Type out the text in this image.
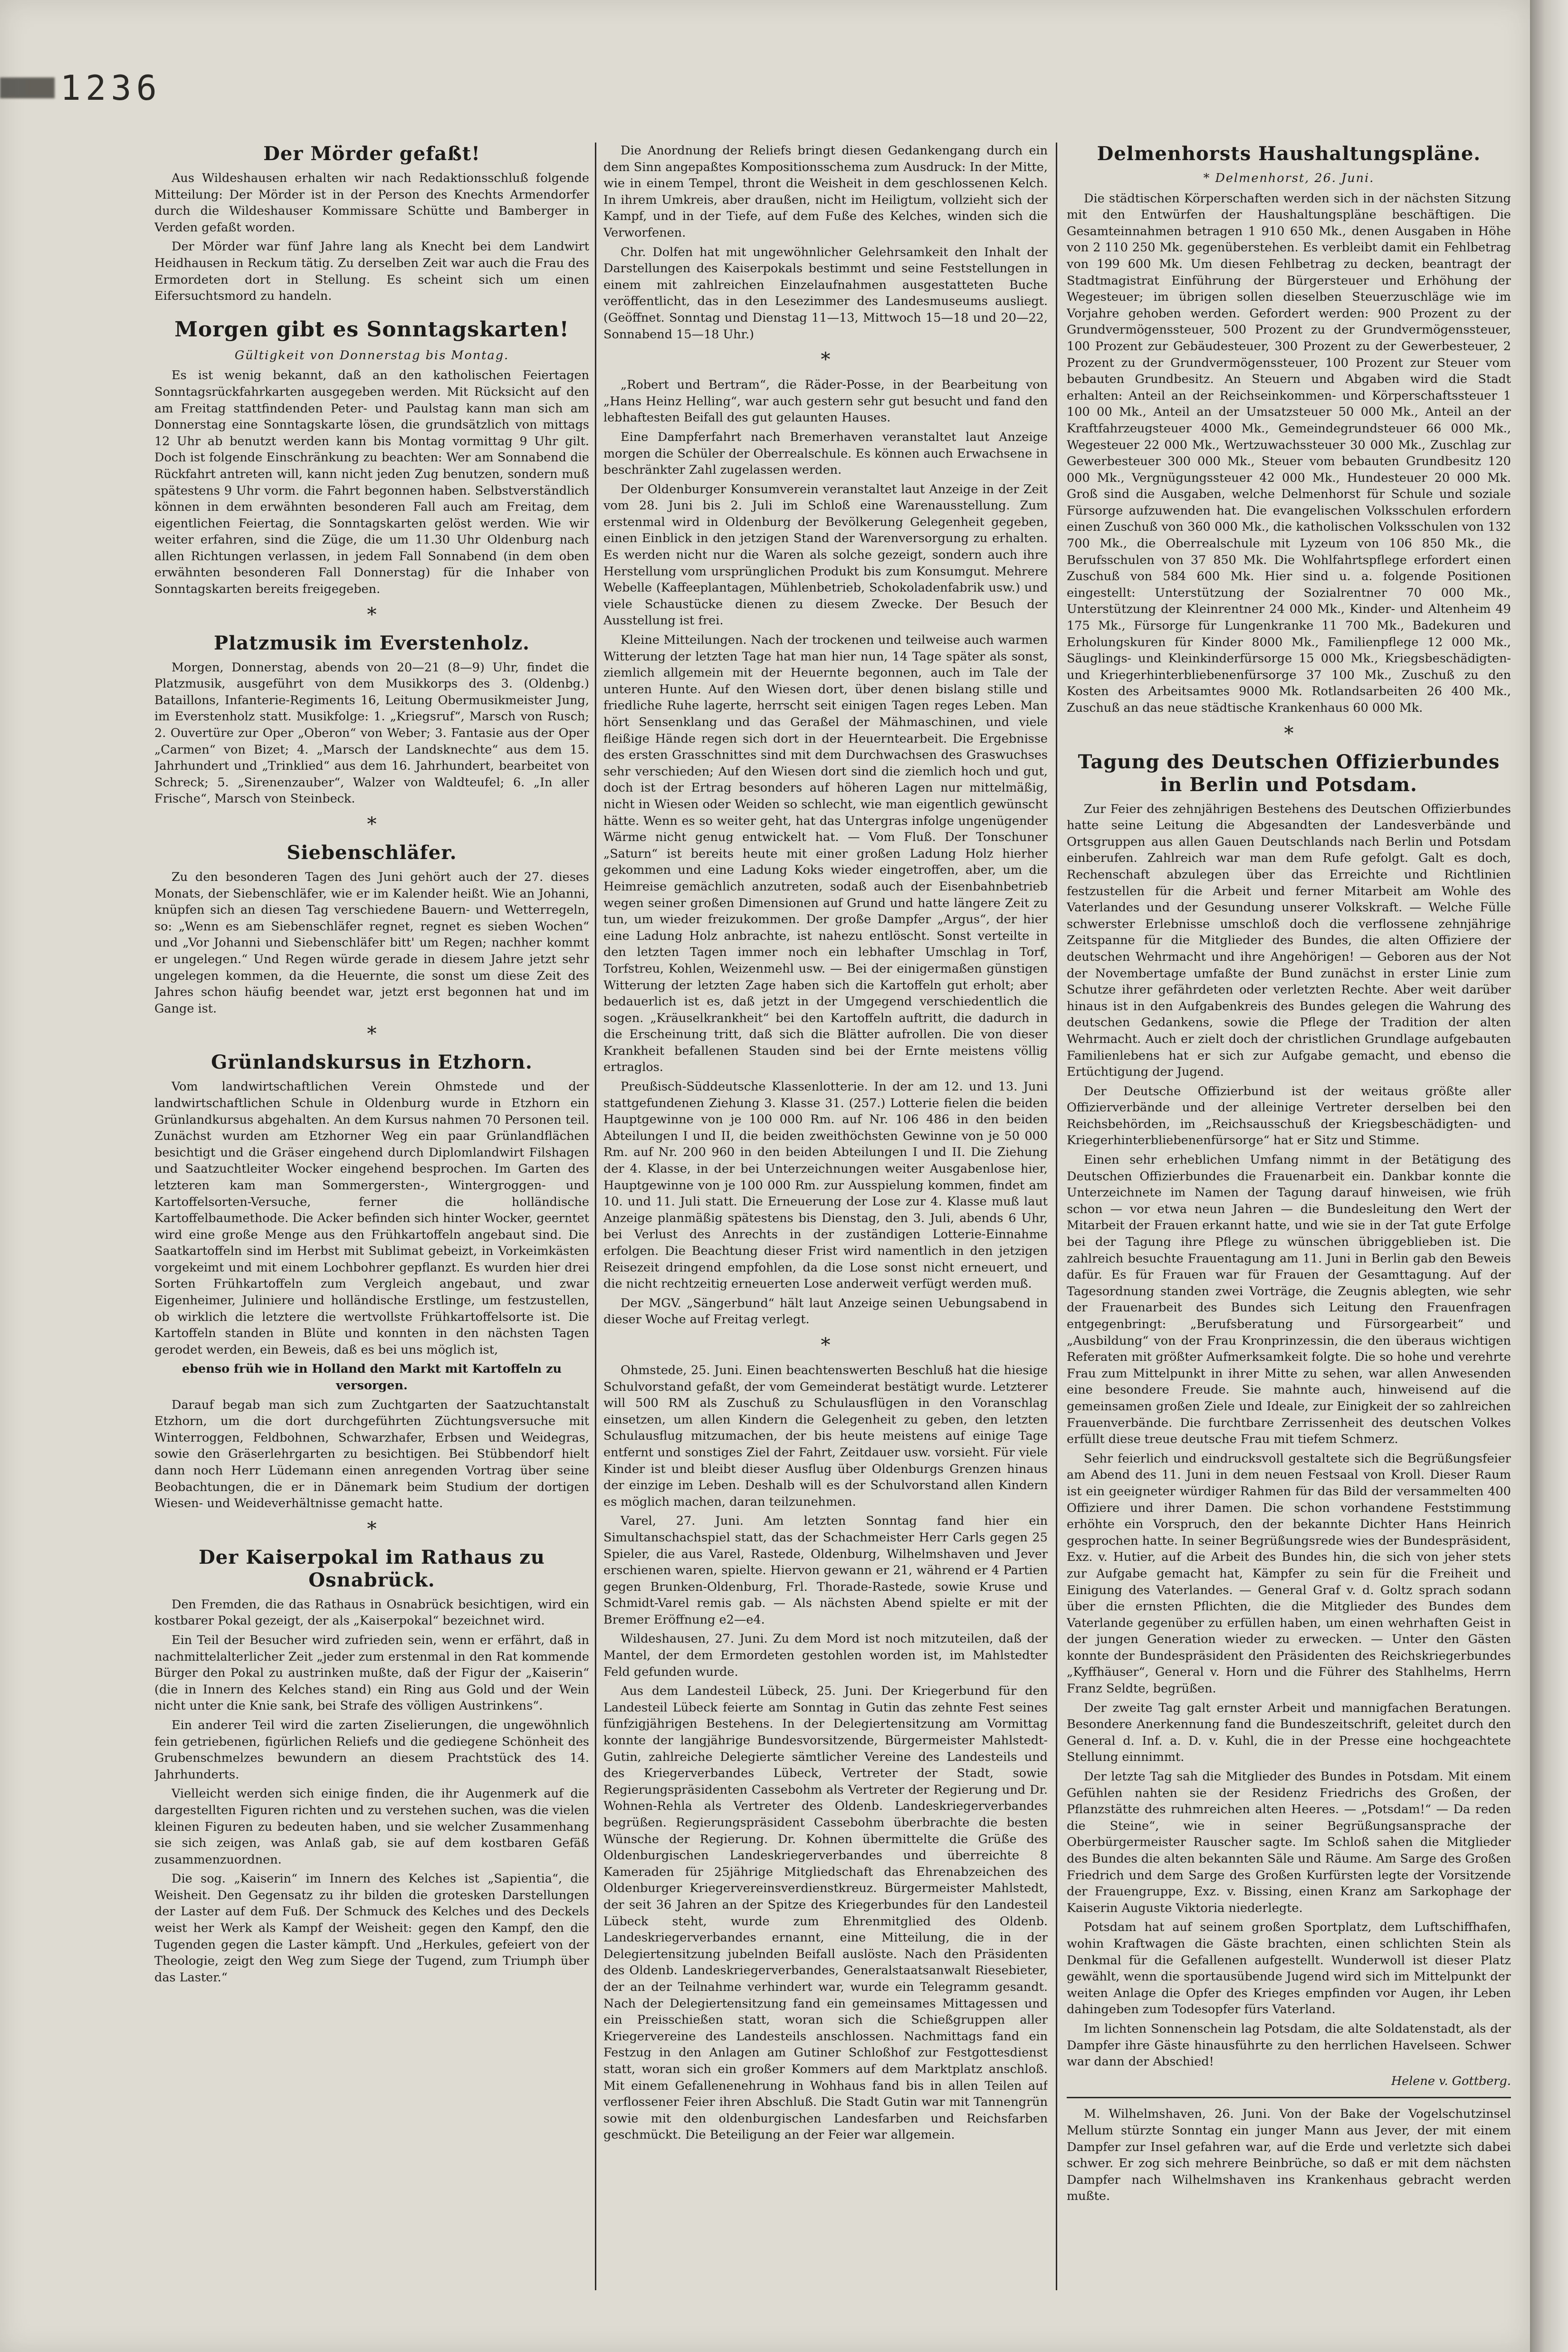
1236
Der Mörder gefaßt!

Aus Wildeshausen erhalten wir nach Redaktionsschluß folgende Mitteilung: Der Mörder ist in der Person des Knechts Armendorfer durch die Wildeshauser Kommissare Schütte und Bamberger in Verden gefaßt worden.

Der Mörder war fünf Jahre lang als Knecht bei dem Landwirt Heidhausen in Reckum tätig. Zu derselben Zeit war auch die Frau des Ermordeten dort in Stellung. Es scheint sich um einen Eifersuchtsmord zu handeln.

Morgen gibt es Sonntagskarten!
Gültigkeit von Donnerstag bis Montag.

Es ist wenig bekannt, daß an den katholischen Feiertagen Sonntagsrückfahrkarten ausgegeben werden. Mit Rücksicht auf den am Freitag stattfindenden Peter- und Paulstag kann man sich am Donnerstag eine Sonntagskarte lösen, die grundsätzlich von mittags 12 Uhr ab benutzt werden kann bis Montag vormittag 9 Uhr gilt. Doch ist folgende Einschränkung zu beachten: Wer am Sonnabend die Rückfahrt antreten will, kann nicht jeden Zug benutzen, sondern muß spätestens 9 Uhr vorm. die Fahrt begonnen haben. Selbstverständlich können in dem erwähnten besonderen Fall auch am Freitag, dem eigentlichen Feiertag, die Sonntagskarten gelöst werden. Wie wir weiter erfahren, sind die Züge, die um 11.30 Uhr Oldenburg nach allen Richtungen verlassen, in jedem Fall Sonnabend (in dem oben erwähnten besonderen Fall Donnerstag) für die Inhaber von Sonntagskarten bereits freigegeben.

*
Platzmusik im Everstenholz.

Morgen, Donnerstag, abends von 20—21 (8—9) Uhr, findet die Platzmusik, ausgeführt von dem Musikkorps des 3. (Oldenbg.) Bataillons, Infanterie-Regiments 16, Leitung Obermusikmeister Jung, im Everstenholz statt. Musikfolge: 1. „Kriegsruf“, Marsch von Rusch; 2. Ouvertüre zur Oper „Oberon“ von Weber; 3. Fantasie aus der Oper „Carmen“ von Bizet; 4. „Marsch der Landsknechte“ aus dem 15. Jahrhundert und „Trinklied“ aus dem 16. Jahrhundert, bearbeitet von Schreck; 5. „Sirenenzauber“, Walzer von Waldteufel; 6. „In aller Frische“, Marsch von Steinbeck.

*
Siebenschläfer.

Zu den besonderen Tagen des Juni gehört auch der 27. dieses Monats, der Siebenschläfer, wie er im Kalender heißt. Wie an Johanni, knüpfen sich an diesen Tag verschiedene Bauern- und Wetterregeln, so: „Wenn es am Siebenschläfer regnet, regnet es sieben Wochen“ und „Vor Johanni und Siebenschläfer bitt' um Regen; nachher kommt er ungelegen.“ Und Regen würde gerade in diesem Jahre jetzt sehr ungelegen kommen, da die Heuernte, die sonst um diese Zeit des Jahres schon häufig beendet war, jetzt erst begonnen hat und im Gange ist.

*
Grünlandskursus in Etzhorn.

Vom landwirtschaftlichen Verein Ohmstede und der landwirtschaftlichen Schule in Oldenburg wurde in Etzhorn ein Grünlandkursus abgehalten. An dem Kursus nahmen 70 Personen teil. Zunächst wurden am Etzhorner Weg ein paar Grünlandflächen besichtigt und die Gräser eingehend durch Diplomlandwirt Filshagen und Saatzuchtleiter Wocker eingehend besprochen. Im Garten des letzteren kam man Sommergersten-, Wintergroggen- und Kartoffelsorten-Versuche, ferner die holländische Kartoffelbaumethode. Die Acker befinden sich hinter Wocker, geerntet wird eine große Menge aus den Frühkartoffeln angebaut sind. Die Saatkartoffeln sind im Herbst mit Sublimat gebeizt, in Vorkeimkästen vorgekeimt und mit einem Lochbohrer gepflanzt. Es wurden hier drei Sorten Frühkartoffeln zum Vergleich angebaut, und zwar Eigenheimer, Juliniere und holländische Erstlinge, um festzustellen, ob wirklich die letztere die wertvollste Frühkartoffelsorte ist. Die Kartoffeln standen in Blüte und konnten in den nächsten Tagen gerodet werden, ein Beweis, daß es bei uns möglich ist,

ebenso früh wie in Holland den Markt mit Kartoffeln zu versorgen.

Darauf begab man sich zum Zuchtgarten der Saatzuchtanstalt Etzhorn, um die dort durchgeführten Züchtungsversuche mit Winterroggen, Feldbohnen, Schwarzhafer, Erbsen und Weidegras, sowie den Gräserlehrgarten zu besichtigen. Bei Stübbendorf hielt dann noch Herr Lüdemann einen anregenden Vortrag über seine Beobachtungen, die er in Dänemark beim Studium der dortigen Wiesen- und Weideverhältnisse gemacht hatte.

*
Der Kaiserpokal im Rathaus zu Osnabrück.

Den Fremden, die das Rathaus in Osnabrück besichtigen, wird ein kostbarer Pokal gezeigt, der als „Kaiserpokal“ bezeichnet wird.

Ein Teil der Besucher wird zufrieden sein, wenn er erfährt, daß in nachmittelalterlicher Zeit „jeder zum erstenmal in den Rat kommende Bürger den Pokal zu austrinken mußte, daß der Figur der „Kaiserin“ (die in Innern des Kelches stand) ein Ring aus Gold und der Wein nicht unter die Knie sank, bei Strafe des völligen Austrinkens“.

Ein anderer Teil wird die zarten Ziselierungen, die ungewöhnlich fein getriebenen, figürlichen Reliefs und die gediegene Schönheit des Grubenschmelzes bewundern an diesem Prachtstück des 14. Jahrhunderts.

Vielleicht werden sich einige finden, die ihr Augenmerk auf die dargestellten Figuren richten und zu verstehen suchen, was die vielen kleinen Figuren zu bedeuten haben, und sie welcher Zusammenhang sie sich zeigen, was Anlaß gab, sie auf dem kostbaren Gefäß zusammenzuordnen.

Die sog. „Kaiserin“ im Innern des Kelches ist „Sapientia“, die Weisheit. Den Gegensatz zu ihr bilden die grotesken Darstellungen der Laster auf dem Fuß. Der Schmuck des Kelches und des Deckels weist her Werk als Kampf der Weisheit: gegen den Kampf, den die Tugenden gegen die Laster kämpft. Und „Herkules, gefeiert von der Theologie, zeigt den Weg zum Siege der Tugend, zum Triumph über das Laster.“

Die Anordnung der Reliefs bringt diesen Gedankengang durch ein dem Sinn angepaßtes Kompositionsschema zum Ausdruck: In der Mitte, wie in einem Tempel, thront die Weisheit in dem geschlossenen Kelch. In ihrem Umkreis, aber draußen, nicht im Heiligtum, vollzieht sich der Kampf, und in der Tiefe, auf dem Fuße des Kelches, winden sich die Verworfenen.

Chr. Dolfen hat mit ungewöhnlicher Gelehrsamkeit den Inhalt der Darstellungen des Kaiserpokals bestimmt und seine Feststellungen in einem mit zahlreichen Einzelaufnahmen ausgestatteten Buche veröffentlicht, das in den Lesezimmer des Landesmuseums ausliegt. (Geöffnet. Sonntag und Dienstag 11—13, Mittwoch 15—18 und 20—22, Sonnabend 15—18 Uhr.)

*

„Robert und Bertram“, die Räder-Posse, in der Bearbeitung von „Hans Heinz Helling“, war auch gestern sehr gut besucht und fand den lebhaftesten Beifall des gut gelaunten Hauses.

Eine Dampferfahrt nach Bremerhaven veranstaltet laut Anzeige morgen die Schüler der Oberrealschule. Es können auch Erwachsene in beschränkter Zahl zugelassen werden.

Der Oldenburger Konsumverein veranstaltet laut Anzeige in der Zeit vom 28. Juni bis 2. Juli im Schloß eine Warenausstellung. Zum erstenmal wird in Oldenburg der Bevölkerung Gelegenheit gegeben, einen Einblick in den jetzigen Stand der Warenversorgung zu erhalten. Es werden nicht nur die Waren als solche gezeigt, sondern auch ihre Herstellung vom ursprünglichen Produkt bis zum Konsumgut. Mehrere Webelle (Kaffeeplantagen, Mühlenbetrieb, Schokoladenfabrik usw.) und viele Schaustücke dienen zu diesem Zwecke. Der Besuch der Ausstellung ist frei.

Kleine Mitteilungen. Nach der trockenen und teilweise auch warmen Witterung der letzten Tage hat man hier nun, 14 Tage später als sonst, ziemlich allgemein mit der Heuernte begonnen, auch im Tale der unteren Hunte. Auf den Wiesen dort, über denen bislang stille und friedliche Ruhe lagerte, herrscht seit einigen Tagen reges Leben. Man hört Sensenklang und das Geraßel der Mähmaschinen, und viele fleißige Hände regen sich dort in der Heuerntearbeit. Die Ergebnisse des ersten Grasschnittes sind mit dem Durchwachsen des Graswuchses sehr verschieden; Auf den Wiesen dort sind die ziemlich hoch und gut, doch ist der Ertrag besonders auf höheren Lagen nur mittelmäßig, nicht in Wiesen oder Weiden so schlecht, wie man eigentlich gewünscht hätte. Wenn es so weiter geht, hat das Untergras infolge ungenügender Wärme nicht genug entwickelt hat. — Vom Fluß. Der Tonschuner „Saturn“ ist bereits heute mit einer großen Ladung Holz hierher gekommen und eine Ladung Koks wieder eingetroffen, aber, um die Heimreise gemächlich anzutreten, sodaß auch der Eisenbahnbetrieb wegen seiner großen Dimensionen auf Grund und hatte längere Zeit zu tun, um wieder freizukommen. Der große Dampfer „Argus“, der hier eine Ladung Holz anbrachte, ist nahezu entlöscht. Sonst verteilte in den letzten Tagen immer noch ein lebhafter Umschlag in Torf, Torfstreu, Kohlen, Weizenmehl usw. — Bei der einigermaßen günstigen Witterung der letzten Zage haben sich die Kartoffeln gut erholt; aber bedauerlich ist es, daß jetzt in der Umgegend verschiedentlich die sogen. „Kräuselkrankheit“ bei den Kartoffeln auftritt, die dadurch in die Erscheinung tritt, daß sich die Blätter aufrollen. Die von dieser Krankheit befallenen Stauden sind bei der Ernte meistens völlig ertraglos.

Preußisch-Süddeutsche Klassenlotterie. In der am 12. und 13. Juni stattgefundenen Ziehung 3. Klasse 31. (257.) Lotterie fielen die beiden Hauptgewinne von je 100 000 Rm. auf Nr. 106 486 in den beiden Abteilungen I und II, die beiden zweithöchsten Gewinne von je 50 000 Rm. auf Nr. 200 960 in den beiden Abteilungen I und II. Die Ziehung der 4. Klasse, in der bei Unterzeichnungen weiter Ausgabenlose hier, Hauptgewinne von je 100 000 Rm. zur Ausspielung kommen, findet am 10. und 11. Juli statt. Die Erneuerung der Lose zur 4. Klasse muß laut Anzeige planmäßig spätestens bis Dienstag, den 3. Juli, abends 6 Uhr, bei Verlust des Anrechts in der zuständigen Lotterie-Einnahme erfolgen. Die Beachtung dieser Frist wird namentlich in den jetzigen Reisezeit dringend empfohlen, da die Lose sonst nicht erneuert, und die nicht rechtzeitig erneuerten Lose anderweit verfügt werden muß.

Der MGV. „Sängerbund“ hält laut Anzeige seinen Uebungsabend in dieser Woche auf Freitag verlegt.

*

Ohmstede, 25. Juni. Einen beachtenswerten Beschluß hat die hiesige Schulvorstand gefaßt, der vom Gemeinderat bestätigt wurde. Letzterer will 500 RM als Zuschuß zu Schulausflügen in den Voranschlag einsetzen, um allen Kindern die Gelegenheit zu geben, den letzten Schulausflug mitzumachen, der bis heute meistens auf einige Tage entfernt und sonstiges Ziel der Fahrt, Zeitdauer usw. vorsieht. Für viele Kinder ist und bleibt dieser Ausflug über Oldenburgs Grenzen hinaus der einzige im Leben. Deshalb will es der Schulvorstand allen Kindern es möglich machen, daran teilzunehmen.

Varel, 27. Juni. Am letzten Sonntag fand hier ein Simultanschachspiel statt, das der Schachmeister Herr Carls gegen 25 Spieler, die aus Varel, Rastede, Oldenburg, Wilhelmshaven und Jever erschienen waren, spielte. Hiervon gewann er 21, während er 4 Partien gegen Brunken-Oldenburg, Frl. Thorade-Rastede, sowie Kruse und Schmidt-Varel remis gab. — Als nächsten Abend spielte er mit der Bremer Eröffnung e2—e4.

Wildeshausen, 27. Juni. Zu dem Mord ist noch mitzuteilen, daß der Mantel, der dem Ermordeten gestohlen worden ist, im Mahlstedter Feld gefunden wurde.

Aus dem Landesteil Lübeck, 25. Juni. Der Kriegerbund für den Landesteil Lübeck feierte am Sonntag in Gutin das zehnte Fest seines fünfzigjährigen Bestehens. In der Delegiertensitzung am Vormittag konnte der langjährige Bundesvorsitzende, Bürgermeister Mahlstedt-Gutin, zahlreiche Delegierte sämtlicher Vereine des Landesteils und des Kriegerverbandes Lübeck, Vertreter der Stadt, sowie Regierungspräsidenten Cassebohm als Vertreter der Regierung und Dr. Wohnen-Rehla als Vertreter des Oldenb. Landeskriegerverbandes begrüßen. Regierungspräsident Cassebohm überbrachte die besten Wünsche der Regierung. Dr. Kohnen übermittelte die Grüße des Oldenburgischen Landeskriegerverbandes und überreichte 8 Kameraden für 25jährige Mitgliedschaft das Ehrenabzeichen des Oldenburger Kriegervereinsverdienstkreuz. Bürgermeister Mahlstedt, der seit 36 Jahren an der Spitze des Kriegerbundes für den Landesteil Lübeck steht, wurde zum Ehrenmitglied des Oldenb. Landeskriegerverbandes ernannt, eine Mitteilung, die in der Delegiertensitzung jubelnden Beifall auslöste. Nach den Präsidenten des Oldenb. Landeskriegerverbandes, Generalstaatsanwalt Riesebieter, der an der Teilnahme verhindert war, wurde ein Telegramm gesandt. Nach der Delegiertensitzung fand ein gemeinsames Mittagessen und ein Preisschießen statt, woran sich die Schießgruppen aller Kriegervereine des Landesteils anschlossen. Nachmittags fand ein Festzug in den Anlagen am Gutiner Schloßhof zur Festgottesdienst statt, woran sich ein großer Kommers auf dem Marktplatz anschloß. Mit einem Gefallenenehrung in Wohhaus fand bis in allen Teilen auf verflossener Feier ihren Abschluß. Die Stadt Gutin war mit Tannengrün sowie mit den oldenburgischen Landesfarben und Reichsfarben geschmückt. Die Beteiligung an der Feier war allgemein.

Delmenhorsts Haushaltungspläne.
* Delmenhorst, 26. Juni.

Die städtischen Körperschaften werden sich in der nächsten Sitzung mit den Entwürfen der Haushaltungspläne beschäftigen. Die Gesamteinnahmen betragen 1 910 650 Mk., denen Ausgaben in Höhe von 2 110 250 Mk. gegenüberstehen. Es verbleibt damit ein Fehlbetrag von 199 600 Mk. Um diesen Fehlbetrag zu decken, beantragt der Stadtmagistrat Einführung der Bürgersteuer und Erhöhung der Wegesteuer; im übrigen sollen dieselben Steuerzuschläge wie im Vorjahre gehoben werden. Gefordert werden: 900 Prozent zu der Grundvermögenssteuer, 500 Prozent zu der Grundvermögenssteuer, 100 Prozent zur Gebäudesteuer, 300 Prozent zu der Gewerbesteuer, 2 Prozent zu der Grundvermögenssteuer, 100 Prozent zur Steuer vom bebauten Grundbesitz. An Steuern und Abgaben wird die Stadt erhalten: Anteil an der Reichseinkommen- und Körperschaftssteuer 1 100 00 Mk., Anteil an der Umsatzsteuer 50 000 Mk., Anteil an der Kraftfahrzeugsteuer 4000 Mk., Gemeindegrundsteuer 66 000 Mk., Wegesteuer 22 000 Mk., Wertzuwachssteuer 30 000 Mk., Zuschlag zur Gewerbesteuer 300 000 Mk., Steuer vom bebauten Grundbesitz 120 000 Mk., Vergnügungssteuer 42 000 Mk., Hundesteuer 20 000 Mk. Groß sind die Ausgaben, welche Delmenhorst für Schule und soziale Fürsorge aufzuwenden hat. Die evangelischen Volksschulen erfordern einen Zuschuß von 360 000 Mk., die katholischen Volksschulen von 132 700 Mk., die Oberrealschule mit Lyzeum von 106 850 Mk., die Berufsschulen von 37 850 Mk. Die Wohlfahrtspflege erfordert einen Zuschuß von 584 600 Mk. Hier sind u. a. folgende Positionen eingestellt: Unterstützung der Sozialrentner 70 000 Mk., Unterstützung der Kleinrentner 24 000 Mk., Kinder- und Altenheim 49 175 Mk., Fürsorge für Lungenkranke 11 700 Mk., Badekuren und Erholungskuren für Kinder 8000 Mk., Familienpflege 12 000 Mk., Säuglings- und Kleinkinderfürsorge 15 000 Mk., Kriegsbeschädigten- und Kriegerhinterbliebenenfürsorge 37 100 Mk., Zuschuß zu den Kosten des Arbeitsamtes 9000 Mk. Rotlandsarbeiten 26 400 Mk., Zuschuß an das neue städtische Krankenhaus 60 000 Mk.

*
Tagung des Deutschen Offizierbundes in Berlin und Potsdam.

Zur Feier des zehnjährigen Bestehens des Deutschen Offizierbundes hatte seine Leitung die Abgesandten der Landesverbände und Ortsgruppen aus allen Gauen Deutschlands nach Berlin und Potsdam einberufen. Zahlreich war man dem Rufe gefolgt. Galt es doch, Rechenschaft abzulegen über das Erreichte und Richtlinien festzustellen für die Arbeit und ferner Mitarbeit am Wohle des Vaterlandes und der Gesundung unserer Volkskraft. — Welche Fülle schwerster Erlebnisse umschloß doch die verflossene zehnjährige Zeitspanne für die Mitglieder des Bundes, die alten Offiziere der deutschen Wehrmacht und ihre Angehörigen! — Geboren aus der Not der Novembertage umfaßte der Bund zunächst in erster Linie zum Schutze ihrer gefährdeten oder verletzten Rechte. Aber weit darüber hinaus ist in den Aufgabenkreis des Bundes gelegen die Wahrung des deutschen Gedankens, sowie die Pflege der Tradition der alten Wehrmacht. Auch er zielt doch der christlichen Grundlage aufgebauten Familienlebens hat er sich zur Aufgabe gemacht, und ebenso die Ertüchtigung der Jugend.

Der Deutsche Offizierbund ist der weitaus größte aller Offizierverbände und der alleinige Vertreter derselben bei den Reichsbehörden, im „Reichsausschuß der Kriegsbeschädigten- und Kriegerhinterbliebenenfürsorge“ hat er Sitz und Stimme.

Einen sehr erheblichen Umfang nimmt in der Betätigung des Deutschen Offizierbundes die Frauenarbeit ein. Dankbar konnte die Unterzeichnete im Namen der Tagung darauf hinweisen, wie früh schon — vor etwa neun Jahren — die Bundesleitung den Wert der Mitarbeit der Frauen erkannt hatte, und wie sie in der Tat gute Erfolge bei der Tagung ihre Pflege zu wünschen übriggeblieben ist. Die zahlreich besuchte Frauentagung am 11. Juni in Berlin gab den Beweis dafür. Es für Frauen war für Frauen der Gesamttagung. Auf der Tagesordnung standen zwei Vorträge, die Zeugnis ablegten, wie sehr der Frauenarbeit des Bundes sich Leitung den Frauenfragen entgegenbringt: „Berufsberatung und Fürsorgearbeit“ und „Ausbildung“ von der Frau Kronprinzessin, die den überaus wichtigen Referaten mit größter Aufmerksamkeit folgte. Die so hohe und verehrte Frau zum Mittelpunkt in ihrer Mitte zu sehen, war allen Anwesenden eine besondere Freude. Sie mahnte auch, hinweisend auf die gemeinsamen großen Ziele und Ideale, zur Einigkeit der so zahlreichen Frauenverbände. Die furchtbare Zerrissenheit des deutschen Volkes erfüllt diese treue deutsche Frau mit tiefem Schmerz.

Sehr feierlich und eindrucksvoll gestaltete sich die Begrüßungsfeier am Abend des 11. Juni in dem neuen Festsaal von Kroll. Dieser Raum ist ein geeigneter würdiger Rahmen für das Bild der versammelten 400 Offiziere und ihrer Damen. Die schon vorhandene Feststimmung erhöhte ein Vorspruch, den der bekannte Dichter Hans Heinrich gesprochen hatte. In seiner Begrüßungsrede wies der Bundespräsident, Exz. v. Hutier, auf die Arbeit des Bundes hin, die sich von jeher stets zur Aufgabe gemacht hat, Kämpfer zu sein für die Freiheit und Einigung des Vaterlandes. — General Graf v. d. Goltz sprach sodann über die ernsten Pflichten, die die Mitglieder des Bundes dem Vaterlande gegenüber zu erfüllen haben, um einen wehrhaften Geist in der jungen Generation wieder zu erwecken. — Unter den Gästen konnte der Bundespräsident den Präsidenten des Reichskriegerbundes „Kyffhäuser“, General v. Horn und die Führer des Stahlhelms, Herrn Franz Seldte, begrüßen.

Der zweite Tag galt ernster Arbeit und mannigfachen Beratungen. Besondere Anerkennung fand die Bundeszeitschrift, geleitet durch den General d. Inf. a. D. v. Kuhl, die in der Presse eine hochgeachtete Stellung einnimmt.

Der letzte Tag sah die Mitglieder des Bundes in Potsdam. Mit einem Gefühlen nahten sie der Residenz Friedrichs des Großen, der Pflanzstätte des ruhmreichen alten Heeres. — „Potsdam!“ — Da reden die Steine“, wie in seiner Begrüßungsansprache der Oberbürgermeister Rauscher sagte. Im Schloß sahen die Mitglieder des Bundes die alten bekannten Säle und Räume. Am Sarge des Großen Friedrich und dem Sarge des Großen Kurfürsten legte der Vorsitzende der Frauengruppe, Exz. v. Bissing, einen Kranz am Sarkophage der Kaiserin Auguste Viktoria niederlegte.

Potsdam hat auf seinem großen Sportplatz, dem Luftschiffhafen, wohin Kraftwagen die Gäste brachten, einen schlichten Stein als Denkmal für die Gefallenen aufgestellt. Wunderwoll ist dieser Platz gewählt, wenn die sportausübende Jugend wird sich im Mittelpunkt der weiten Anlage die Opfer des Krieges empfinden vor Augen, ihr Leben dahingeben zum Todesopfer fürs Vaterland.

Im lichten Sonnenschein lag Potsdam, die alte Soldatenstadt, als der Dampfer ihre Gäste hinausführte zu den herrlichen Havelseen. Schwer war dann der Abschied!

Helene v. Gottberg.

M. Wilhelmshaven, 26. Juni. Von der Bake der Vogelschutzinsel Mellum stürzte Sonntag ein junger Mann aus Jever, der mit einem Dampfer zur Insel gefahren war, auf die Erde und verletzte sich dabei schwer. Er zog sich mehrere Beinbrüche, so daß er mit dem nächsten Dampfer nach Wilhelmshaven ins Krankenhaus gebracht werden mußte.
